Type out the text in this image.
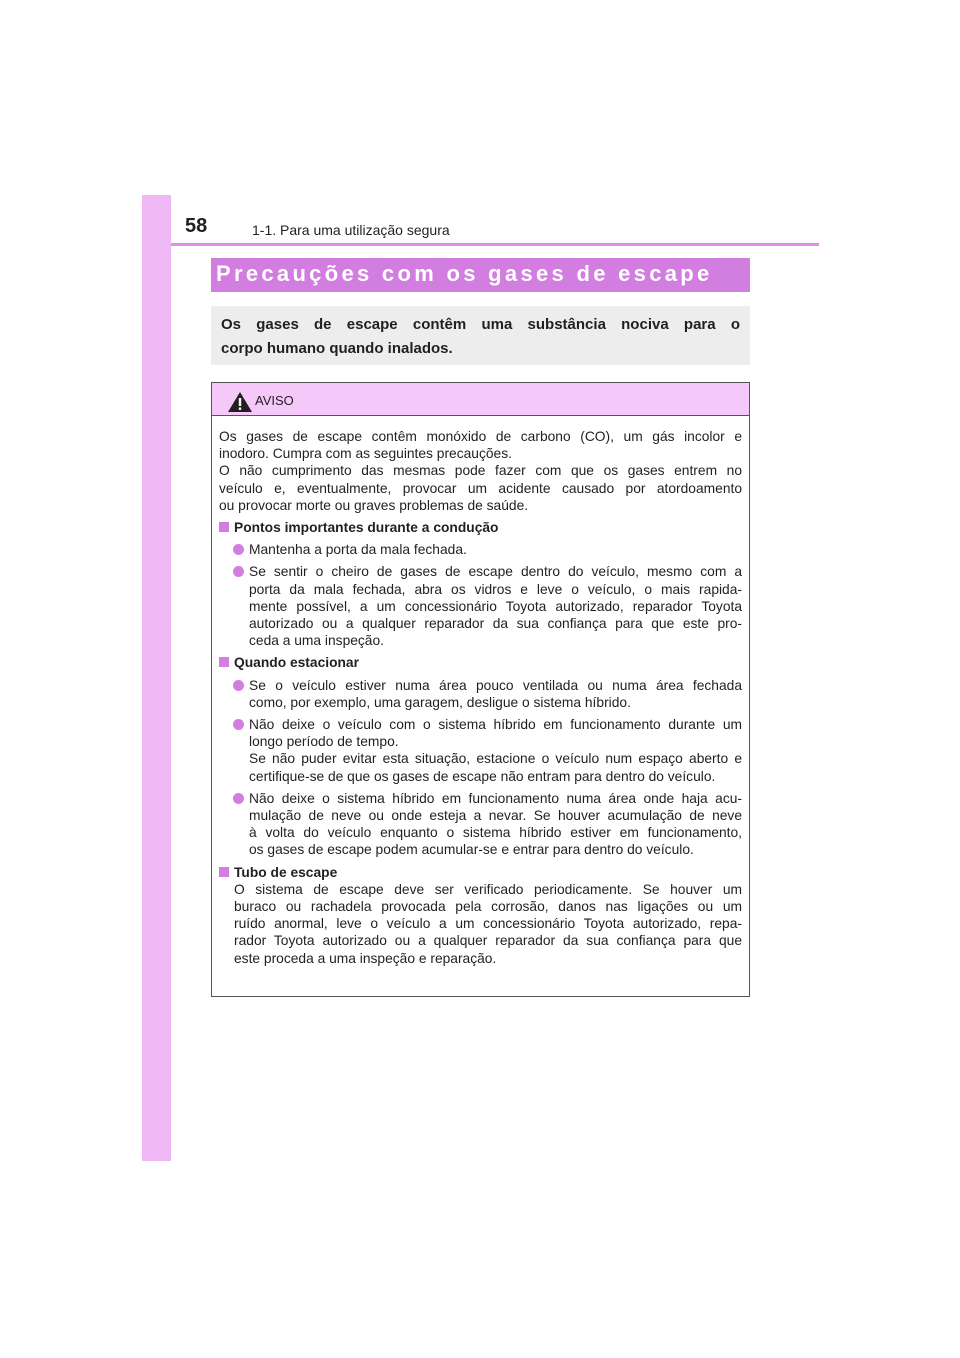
58	1-1. Para uma utilização segura
Precauções com os gases de escape
Os gases de escape contêm uma substância nociva para o
corpo humano quando inalados.
AVISO
Os gases de escape contêm monóxido de carbono (CO), um gás incolor e
inodoro. Cumpra com as seguintes precauções.
O não cumprimento das mesmas pode fazer com que os gases entrem no
veículo e, eventualmente, provocar um acidente causado por atordoamento
ou provocar morte ou graves problemas de saúde.
Pontos importantes durante a condução
Mantenha a porta da mala fechada.
Se sentir o cheiro de gases de escape dentro do veículo, mesmo com a
porta da mala fechada, abra os vidros e leve o veículo, o mais rapida-
mente possível, a um concessionário Toyota autorizado, reparador Toyota
autorizado ou a qualquer reparador da sua confiança para que este pro-
ceda a uma inspeção.
Quando estacionar
Se o veículo estiver numa área pouco ventilada ou numa área fechada
como, por exemplo, uma garagem, desligue o sistema híbrido.
Não deixe o veículo com o sistema híbrido em funcionamento durante um
longo período de tempo.
Se não puder evitar esta situação, estacione o veículo num espaço aberto e
certifique-se de que os gases de escape não entram para dentro do veículo.
Não deixe o sistema híbrido em funcionamento numa área onde haja acu-
mulação de neve ou onde esteja a nevar. Se houver acumulação de neve
à volta do veículo enquanto o sistema híbrido estiver em funcionamento,
os gases de escape podem acumular-se e entrar para dentro do veículo.
Tubo de escape
O sistema de escape deve ser verificado periodicamente. Se houver um
buraco ou rachadela provocada pela corrosão, danos nas ligações ou um
ruído anormal, leve o veículo a um concessionário Toyota autorizado, repa-
rador Toyota autorizado ou a qualquer reparador da sua confiança para que
este proceda a uma inspeção e reparação.
